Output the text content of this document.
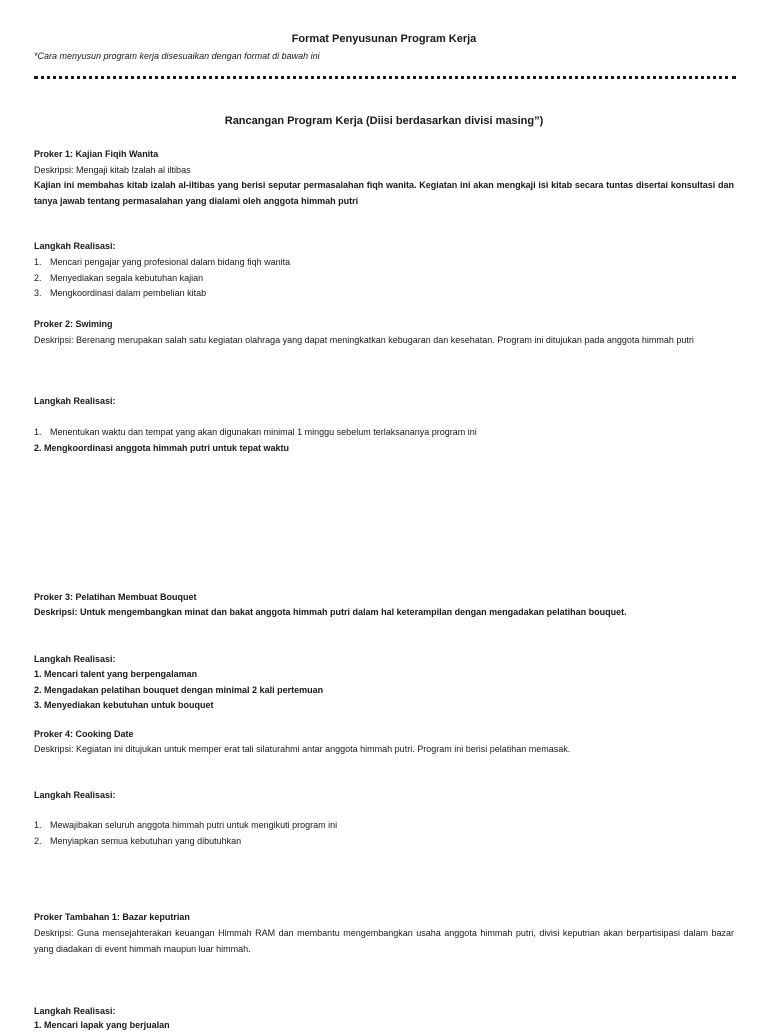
Format Penyusunan Program Kerja
*Cara menyusun program kerja disesuaikan dengan format di bawah ini
Rancangan Program Kerja (Diisi berdasarkan divisi masing”)
Proker 1: Kajian Fiqih Wanita
Deskripsi: Mengaji kitab Izalah al iltibas
Kajian ini membahas kitab izalah al-iltibas yang berisi seputar permasalahan fiqh wanita. Kegiatan ini akan mengkaji isi kitab secara tuntas disertai konsultasi dan tanya jawab tentang permasalahan yang dialami oleh anggota himmah putri
Langkah Realisasi:
1. Mencari pengajar yang profesional dalam bidang fiqh wanita
2. Menyediakan segala kebutuhan kajian
3. Mengkoordinasi dalam pembelian kitab
Proker 2: Swiming
Deskripsi: Berenang merupakan salah satu kegiatan olahraga yang dapat meningkatkan kebugaran dan kesehatan. Program ini ditujukan pada anggota himmah putri
Langkah Realisasi:
1. Menentukan waktu dan tempat yang akan digunakan minimal 1 minggu sebelum terlaksananya program ini
2. Mengkoordinasi anggota himmah putri untuk tepat waktu
Proker 3: Pelatihan Membuat Bouquet
Deskripsi: Untuk mengembangkan minat dan bakat anggota himmah putri dalam hal keterampilan dengan mengadakan pelatihan bouquet.
Langkah Realisasi:
1. Mencari talent yang berpengalaman
2. Mengadakan pelatihan bouquet dengan minimal 2 kali pertemuan
3. Menyediakan kebutuhan untuk bouquet
Proker 4: Cooking Date
Deskripsi: Kegiatan ini ditujukan untuk memper erat tali silaturahmi antar anggota himmah putri. Program ini berisi pelatihan memasak.
Langkah Realisasi:
1. Mewajibakan seluruh anggota himmah putri untuk mengikuti program ini
2. Menyiapkan semua kebutuhan yang dibutuhkan
Proker Tambahan 1: Bazar keputrian
Deskripsi: Guna mensejahterakan keuangan Himmah RAM dan membantu mengembangkan usaha anggota himmah putri, divisi keputrian akan berpartisipasi dalam bazar yang diadakan di event himmah maupun luar himmah.
Langkah Realisasi:
1. Mencari lapak yang berjualan
